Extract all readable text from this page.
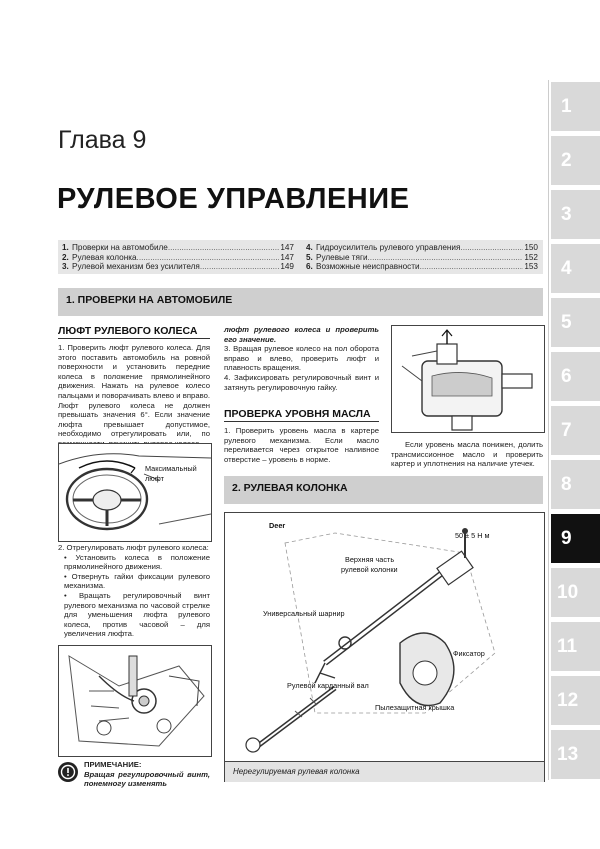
Глава 9
РУЛЕВОЕ УПРАВЛЕНИЕ
1. Проверки на автомобиле .....	147
2. Рулевая колонка .....	147
3. Рулевой механизм без усилителя .....	149
4. Гидроусилитель рулевого управления .....	150
5. Рулевые тяги .....	152
6. Возможные неисправности .....	153
1. ПРОВЕРКИ НА АВТОМОБИЛЕ
ЛЮФТ РУЛЕВОГО КОЛЕСА

1. Проверить люфт рулевого колеса. Для этого поставить автомобиль на ровной поверхности и установить передние колеса в положение прямолинейного движения. Нажать на рулевое колесо пальцами и поворачивать влево и вправо. Люфт рулевого колеса не должен превышать значения 6°. Если значение люфта превышает допустимое, необходимо отрегулировать или, по

Максимальный
люфт

2. Отрегулировать люфт рулевого колеса:

• Установить колеса в положение прямолинейного движения.

• Отвернуть гайки фиксации рулевого механизма.

• Вращать регулировочный винт рулевого механизма по часовой стрелке для уменьшения люфта рулевого колеса, против часовой – для увеличения люфта.

ПРИМЕЧАНИЕ:

Вращая регулировочный винт, понемногу изменять

люфт рулевого колеса и проверить его значение.

3. Вращая рулевое колесо на пол оборота вправо и влево, проверить люфт и плавность вращения.

4. Зафиксировать регулировочный винт и затянуть регулировочную гайку.

ПРОВЕРКА УРОВНЯ МАСЛА

1. Проверить уровень масла в картере рулевого механизма. Если масло переливается через открытое наливное отверстие – уровень в норме.

Если уровень масла понижен, долить трансмиссионное масло и проверить картер и уплотнения на наличие утечек.

2. РУЛЕВАЯ КОЛОНКА
Deer
50 ± 5 Н м
Верхняя часть
рулевой колонки
Универсальный шарнир
Фиксатор
Рулевой карданный вал
Пылезащитная крышка
Нерегулируемая рулевая колонка
1
2
3
4
5
6
7
8
9
10
11
12
13
